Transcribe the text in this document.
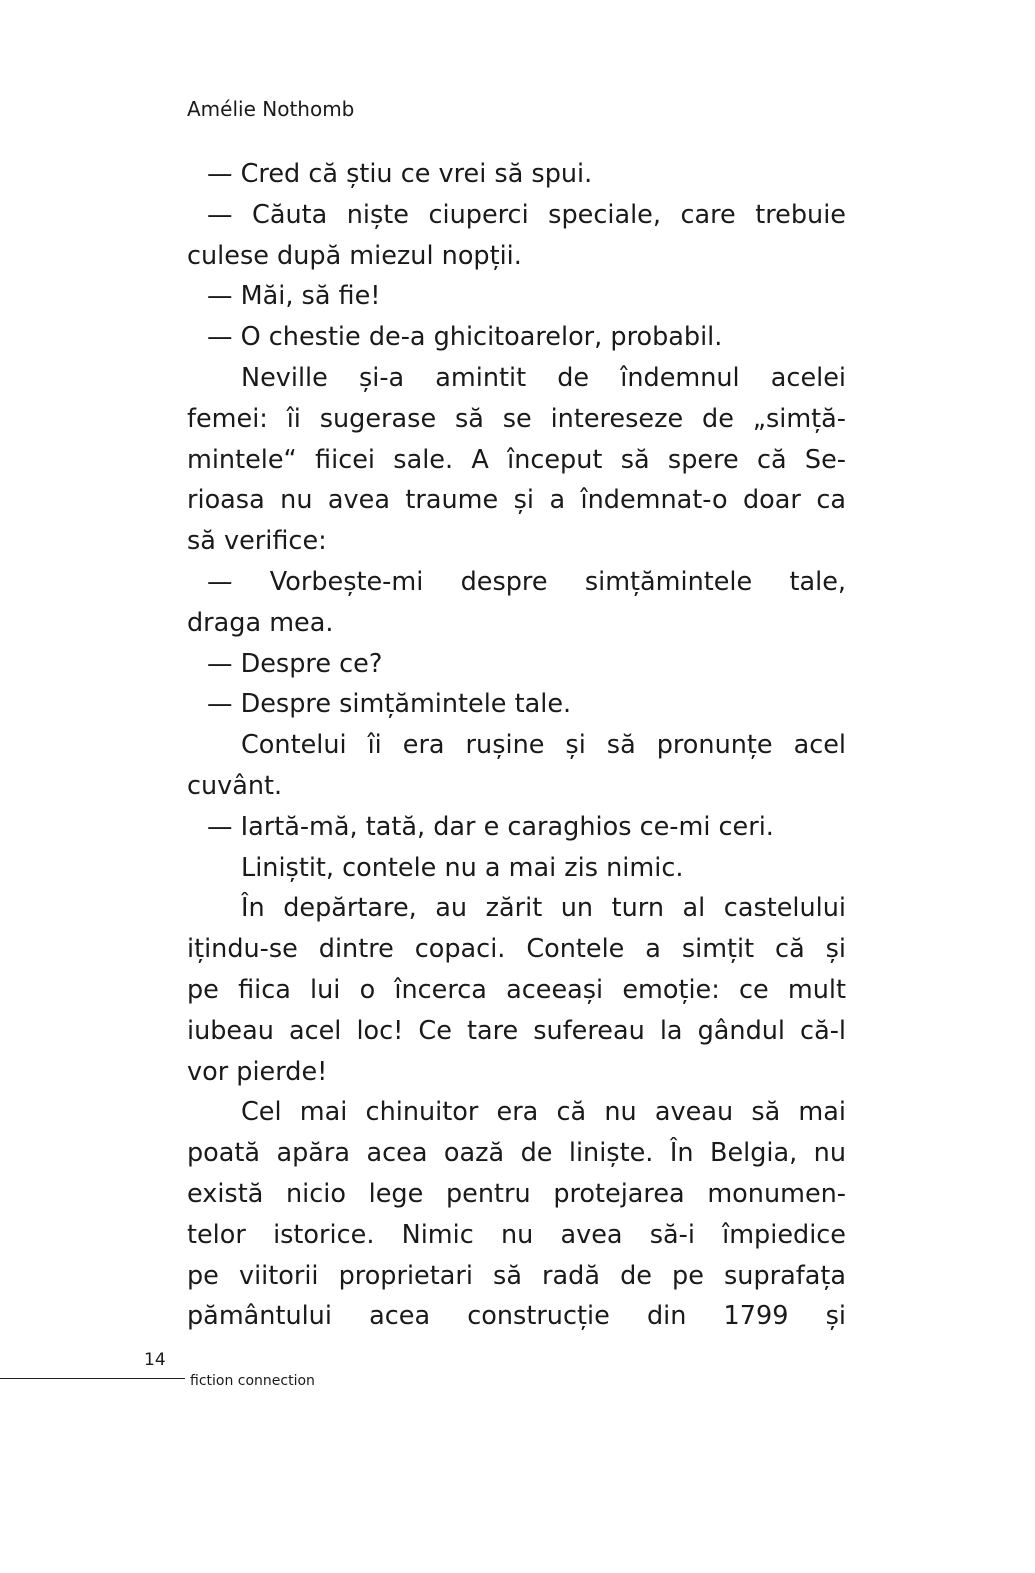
Amélie Nothomb
— Cred că știu ce vrei să spui.
— Căuta niște ciuperci speciale, care trebuie
culese după miezul nopții.
— Măi, să fie!
— O chestie de-a ghicitoarelor, probabil.
Neville și-a amintit de îndemnul acelei
femei: îi sugerase să se intereseze de „simță-
mintele“ fiicei sale. A început să spere că Se-
rioasa nu avea traume și a îndemnat-o doar ca
să verifice:
— Vorbește-mi despre simțămintele tale,
draga mea.
— Despre ce?
— Despre simțămintele tale.
Contelui îi era rușine și să pronunțe acel
cuvânt.
— Iartă-mă, tată, dar e caraghios ce-mi ceri.
Liniștit, contele nu a mai zis nimic.
În depărtare, au zărit un turn al castelului
ițindu-se dintre copaci. Contele a simțit că și
pe fiica lui o încerca aceeași emoție: ce mult
iubeau acel loc! Ce tare sufereau la gândul că-l
vor pierde!
Cel mai chinuitor era că nu aveau să mai
poată apăra acea oază de liniște. În Belgia, nu
există nicio lege pentru protejarea monumen-
telor istorice. Nimic nu avea să-i împiedice
pe viitorii proprietari să radă de pe suprafața
pământului acea construcție din 1799 și
14
fiction connection
